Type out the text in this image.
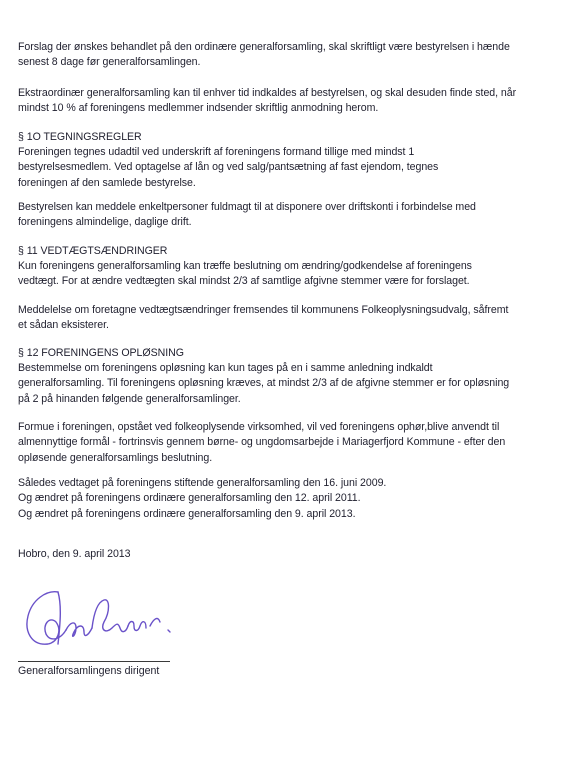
Forslag der ønskes behandlet på den ordinære generalforsamling, skal skriftligt være bestyrelsen i hænde
senest 8 dage før generalforsamlingen.
Ekstraordinær generalforsamling kan til enhver tid indkaldes af bestyrelsen, og skal desuden finde sted, når
mindst 10 % af foreningens medlemmer indsender skriftlig anmodning herom.
§ 1O TEGNINGSREGLER
Foreningen tegnes udadtil ved underskrift af foreningens formand tillige med mindst 1
bestyrelsesmedlem. Ved optagelse af lån og ved salg/pantsætning af fast ejendom, tegnes
foreningen af den samlede bestyrelse.
Bestyrelsen kan meddele enkeltpersoner fuldmagt til at disponere over driftskonti i forbindelse med
foreningens almindelige, daglige drift.
§ 11 VEDTÆGTSÆNDRINGER
Kun foreningens generalforsamling kan træffe beslutning om ændring/godkendelse af foreningens
vedtægt. For at ændre vedtægten skal mindst 2/3 af samtlige afgivne stemmer være for forslaget.
Meddelelse om foretagne vedtægtsændringer fremsendes til kommunens Folkeoplysningsudvalg, såfremt
et sådan eksisterer.
§ 12 FORENINGENS OPLØSNING
Bestemmelse om foreningens opløsning kan kun tages på en i samme anledning indkaldt
generalforsamling. Til foreningens opløsning kræves, at mindst 2/3 af de afgivne stemmer er for opløsning
på 2 på hinanden følgende generalforsamlinger.
Formue i foreningen, opstået ved folkeoplysende virksomhed, vil ved foreningens ophør,blive anvendt til
almennyttige formål - fortrinsvis gennem børne- og ungdomsarbejde i Mariagerfjord Kommune - efter den
opløsende generalforsamlings beslutning.
Således vedtaget på foreningens stiftende generalforsamling den 16. juni 2009.
Og ændret på foreningens ordinære generalforsamling den 12. april 2011.
Og ændret på foreningens ordinære generalforsamling den 9. april 2013.
Hobro, den 9. april 2013
Generalforsamlingens dirigent
